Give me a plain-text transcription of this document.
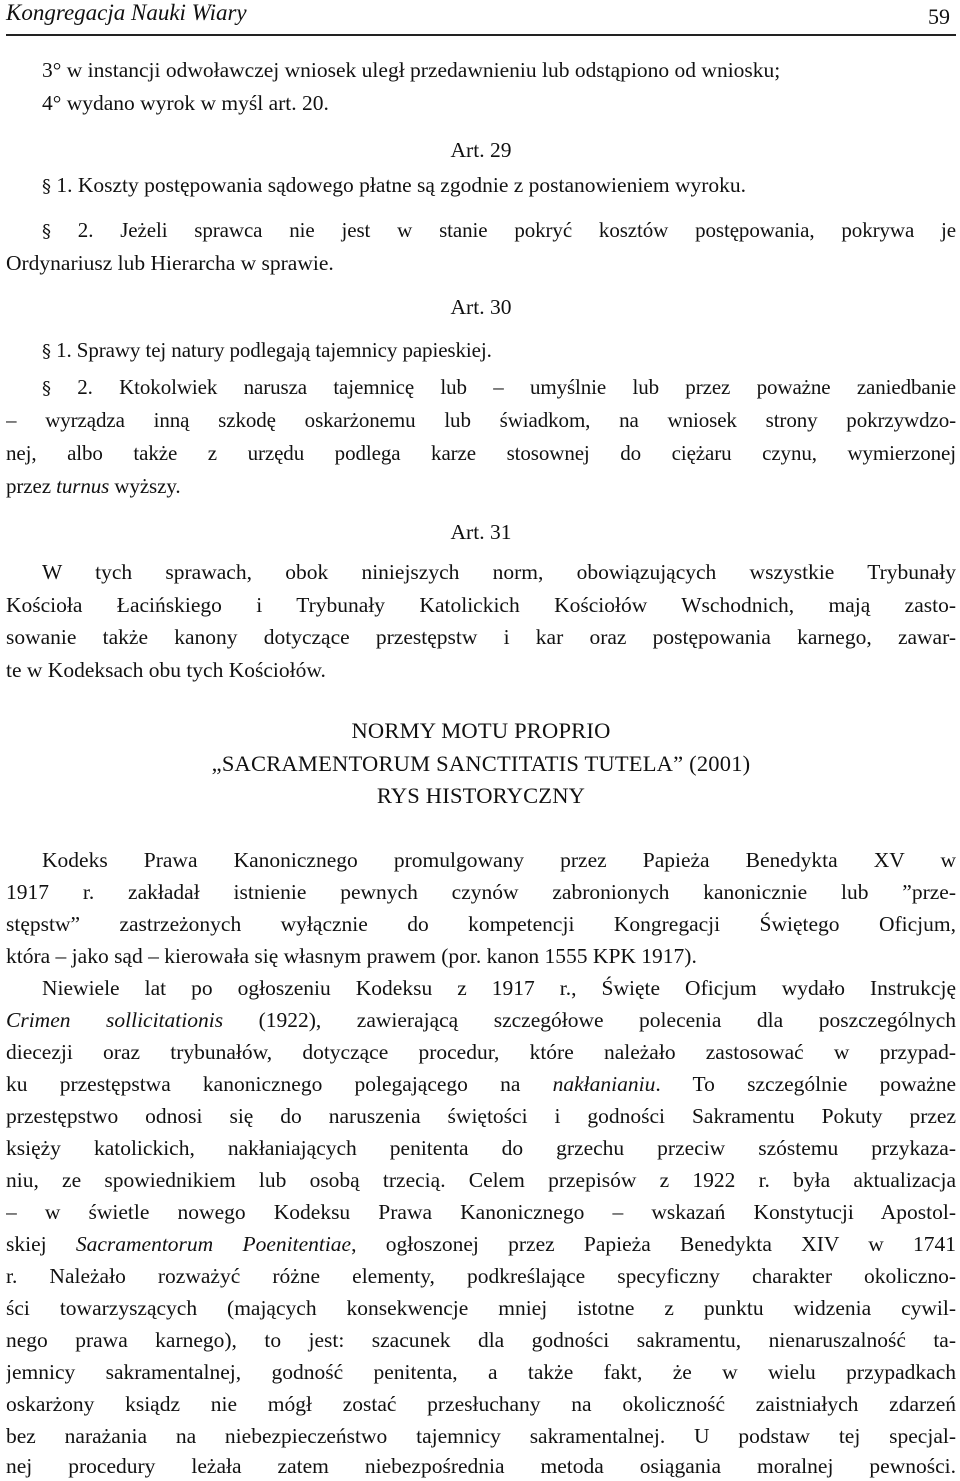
Kongregacja Nauki Wiary	59
3° w instancji odwoławczej wniosek uległ przedawnieniu lub odstąpiono od wniosku;
4° wydano wyrok w myśl art. 20.
Art. 29
§ 1. Koszty postępowania sądowego płatne są zgodnie z postanowieniem wyroku.
§ 2. Jeżeli sprawca nie jest w stanie pokryć kosztów postępowania, pokrywa je
Ordynariusz lub Hierarcha w sprawie.
Art. 30
§ 1. Sprawy tej natury podlegają tajemnicy papieskiej.
§ 2. Ktokolwiek narusza tajemnicę lub – umyślnie lub przez poważne zaniedbanie
– wyrządza inną szkodę oskarżonemu lub świadkom, na wniosek strony pokrzywdzo-
nej, albo także z urzędu podlega karze stosownej do ciężaru czynu, wymierzonej
przez turnus wyższy.
Art. 31
W tych sprawach, obok niniejszych norm, obowiązujących wszystkie Trybunały
Kościoła Łacińskiego i Trybunały Katolickich Kościołów Wschodnich, mają zasto-
sowanie także kanony dotyczące przestępstw i kar oraz postępowania karnego, zawar-
te w Kodeksach obu tych Kościołów.
NORMY MOTU PROPRIO
„SACRAMENTORUM SANCTITATIS TUTELA” (2001)
RYS HISTORYCZNY
Kodeks Prawa Kanonicznego promulgowany przez Papieża Benedykta XV w
1917 r. zakładał istnienie pewnych czynów zabronionych kanonicznie lub ”prze-
stępstw” zastrzeżonych wyłącznie do kompetencji Kongregacji Świętego Oficjum,
która – jako sąd – kierowała się własnym prawem (por. kanon 1555 KPK 1917).
Niewiele lat po ogłoszeniu Kodeksu z 1917 r., Święte Oficjum wydało Instrukcję
Crimen sollicitationis (1922), zawierającą szczegółowe polecenia dla poszczególnych
diecezji oraz trybunałów, dotyczące procedur, które należało zastosować w przypad-
ku przestępstwa kanonicznego polegającego na nakłanianiu. To szczególnie poważne
przestępstwo odnosi się do naruszenia świętości i godności Sakramentu Pokuty przez
księży katolickich, nakłaniających penitenta do grzechu przeciw szóstemu przykaza-
niu, ze spowiednikiem lub osobą trzecią. Celem przepisów z 1922 r. była aktualizacja
– w świetle nowego Kodeksu Prawa Kanonicznego – wskazań Konstytucji Apostol-
skiej Sacramentorum Poenitentiae, ogłoszonej przez Papieża Benedykta XIV w 1741
r. Należało rozważyć różne elementy, podkreślające specyficzny charakter okoliczno-
ści towarzyszących (mających konsekwencje mniej istotne z punktu widzenia cywil-
nego prawa karnego), to jest: szacunek dla godności sakramentu, nienaruszalność ta-
jemnicy sakramentalnej, godność penitenta, a także fakt, że w wielu przypadkach
oskarżony ksiądz nie mógł zostać przesłuchany na okoliczność zaistniałych zdarzeń
bez narażania na niebezpieczeństwo tajemnicy sakramentalnej. U podstaw tej specjal-
nej procedury leżała zatem niebezpośrednia metoda osiągania moralnej pewności.
